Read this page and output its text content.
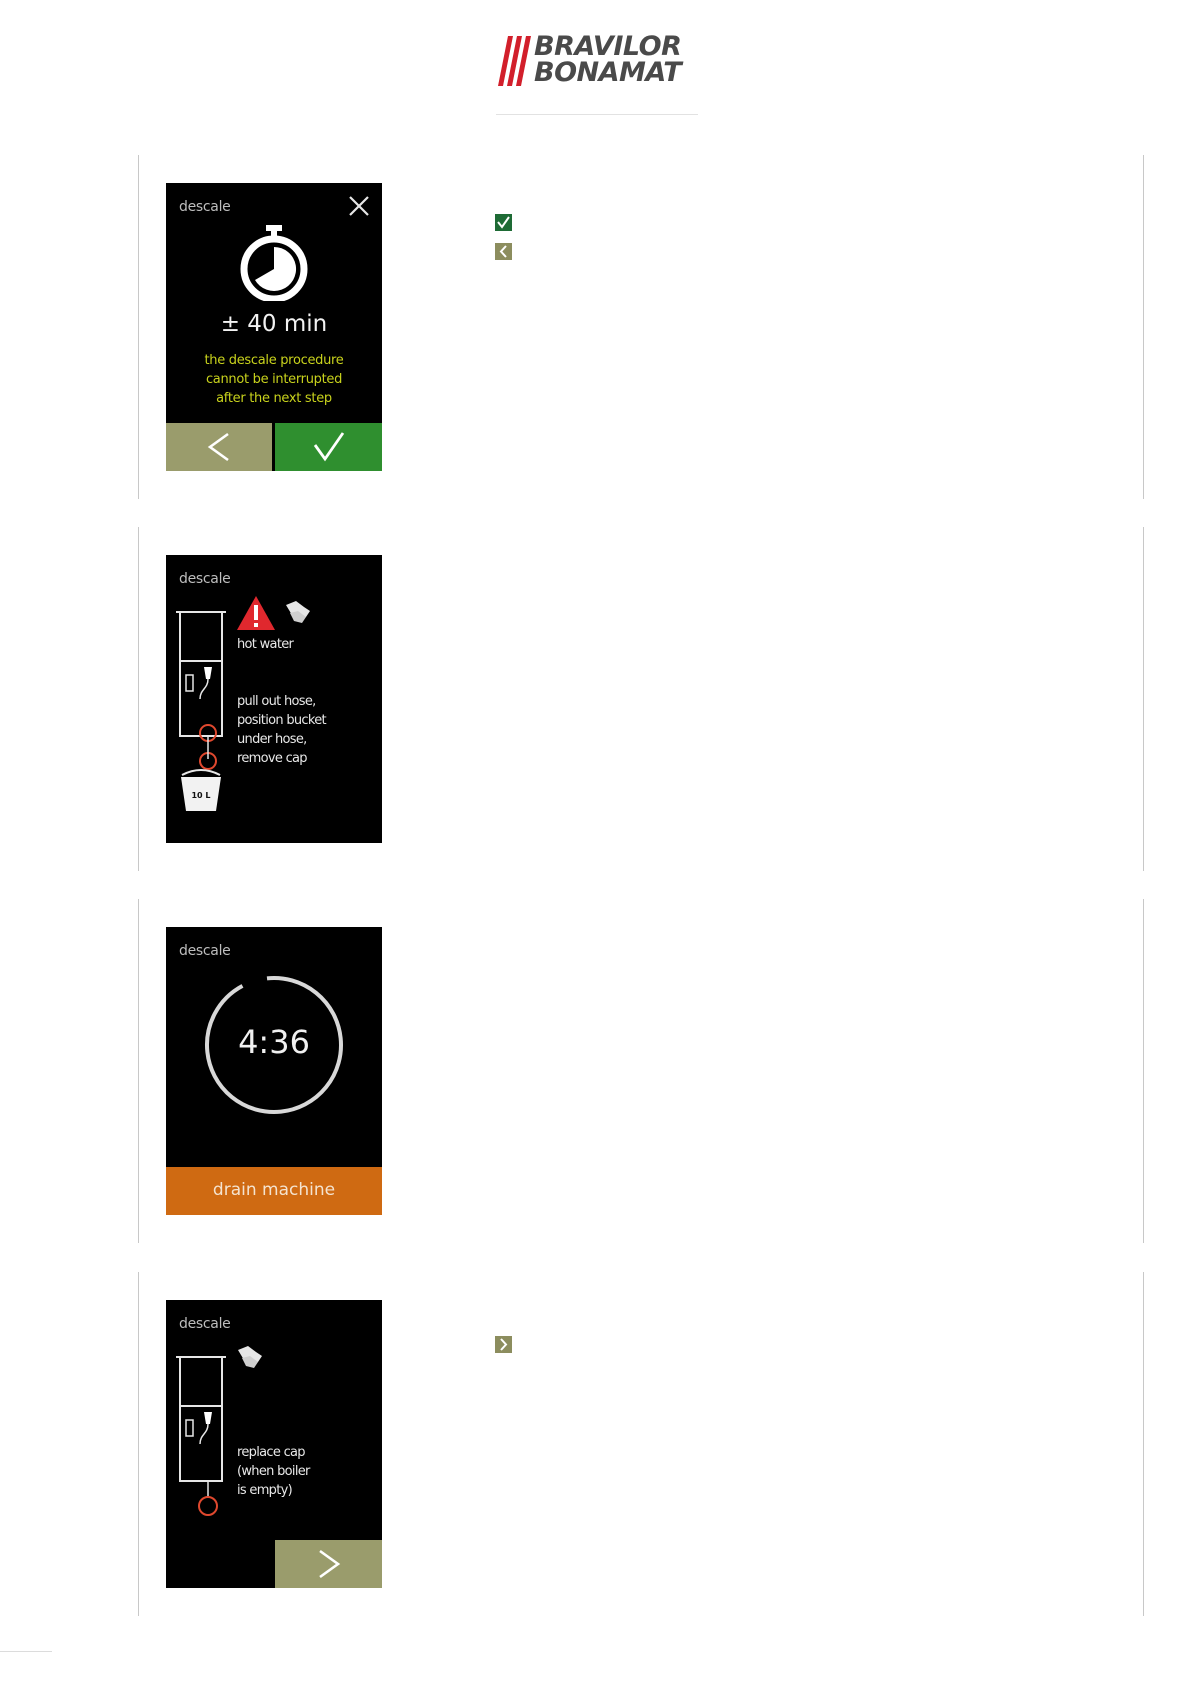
BRAVILOR
BONAMAT
descale
± 40 min
the descale procedure
cannot be interrupted
after the next step
descale
hot water
pull out hose,
position bucket
under hose,
remove cap
10 L
descale
4:36
drain machine
descale
replace cap
(when boiler
is empty)
